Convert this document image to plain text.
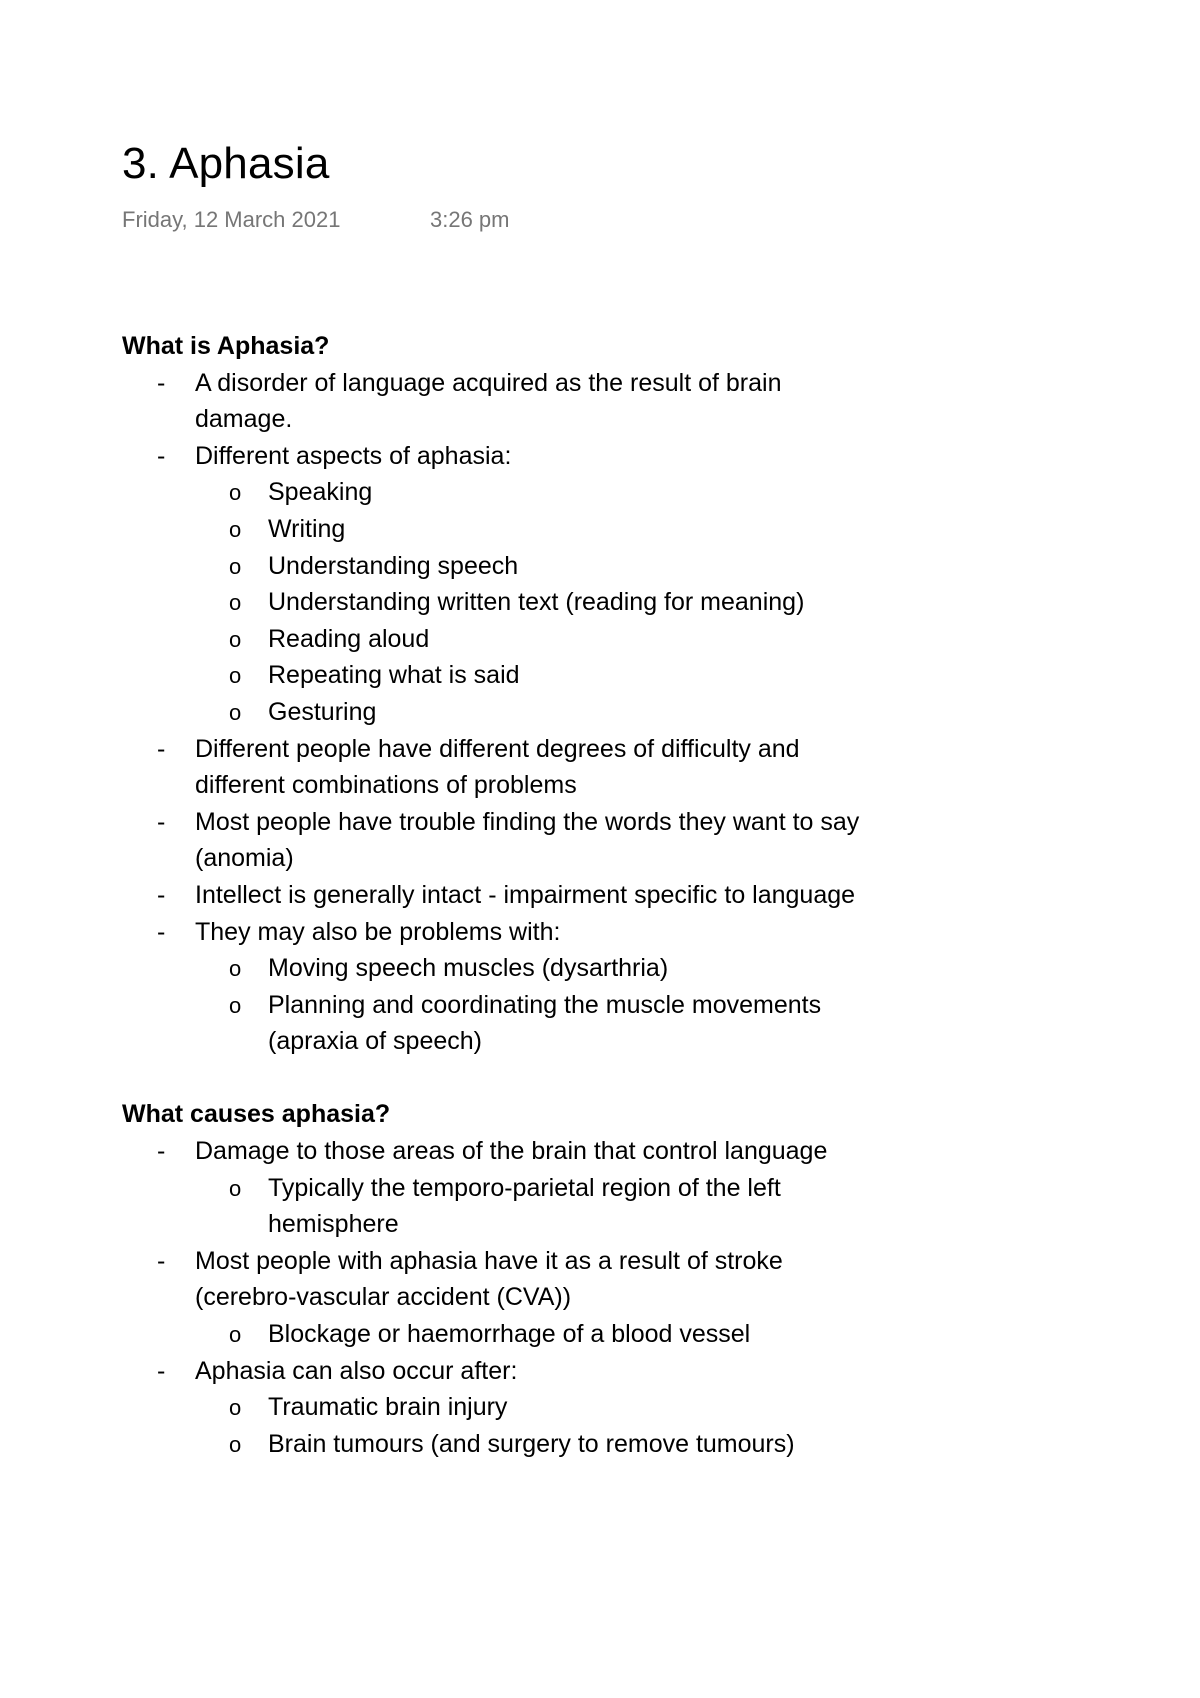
3. Aphasia
Friday, 12 March 2021	3:26 pm
What is Aphasia?
- A disorder of language acquired as the result of brain damage.
- Different aspects of aphasia:
o Speaking
o Writing
o Understanding speech
o Understanding written text (reading for meaning)
o Reading aloud
o Repeating what is said
o Gesturing
- Different people have different degrees of difficulty and different combinations of problems
- Most people have trouble finding the words they want to say (anomia)
- Intellect is generally intact - impairment specific to language
- They may also be problems with:
o Moving speech muscles (dysarthria)
o Planning and coordinating the muscle movements (apraxia of speech)
What causes aphasia?
- Damage to those areas of the brain that control language
o Typically the temporo-parietal region of the left hemisphere
- Most people with aphasia have it as a result of stroke (cerebro-vascular accident (CVA))
o Blockage or haemorrhage of a blood vessel
- Aphasia can also occur after:
o Traumatic brain injury
o Brain tumours (and surgery to remove tumours)
